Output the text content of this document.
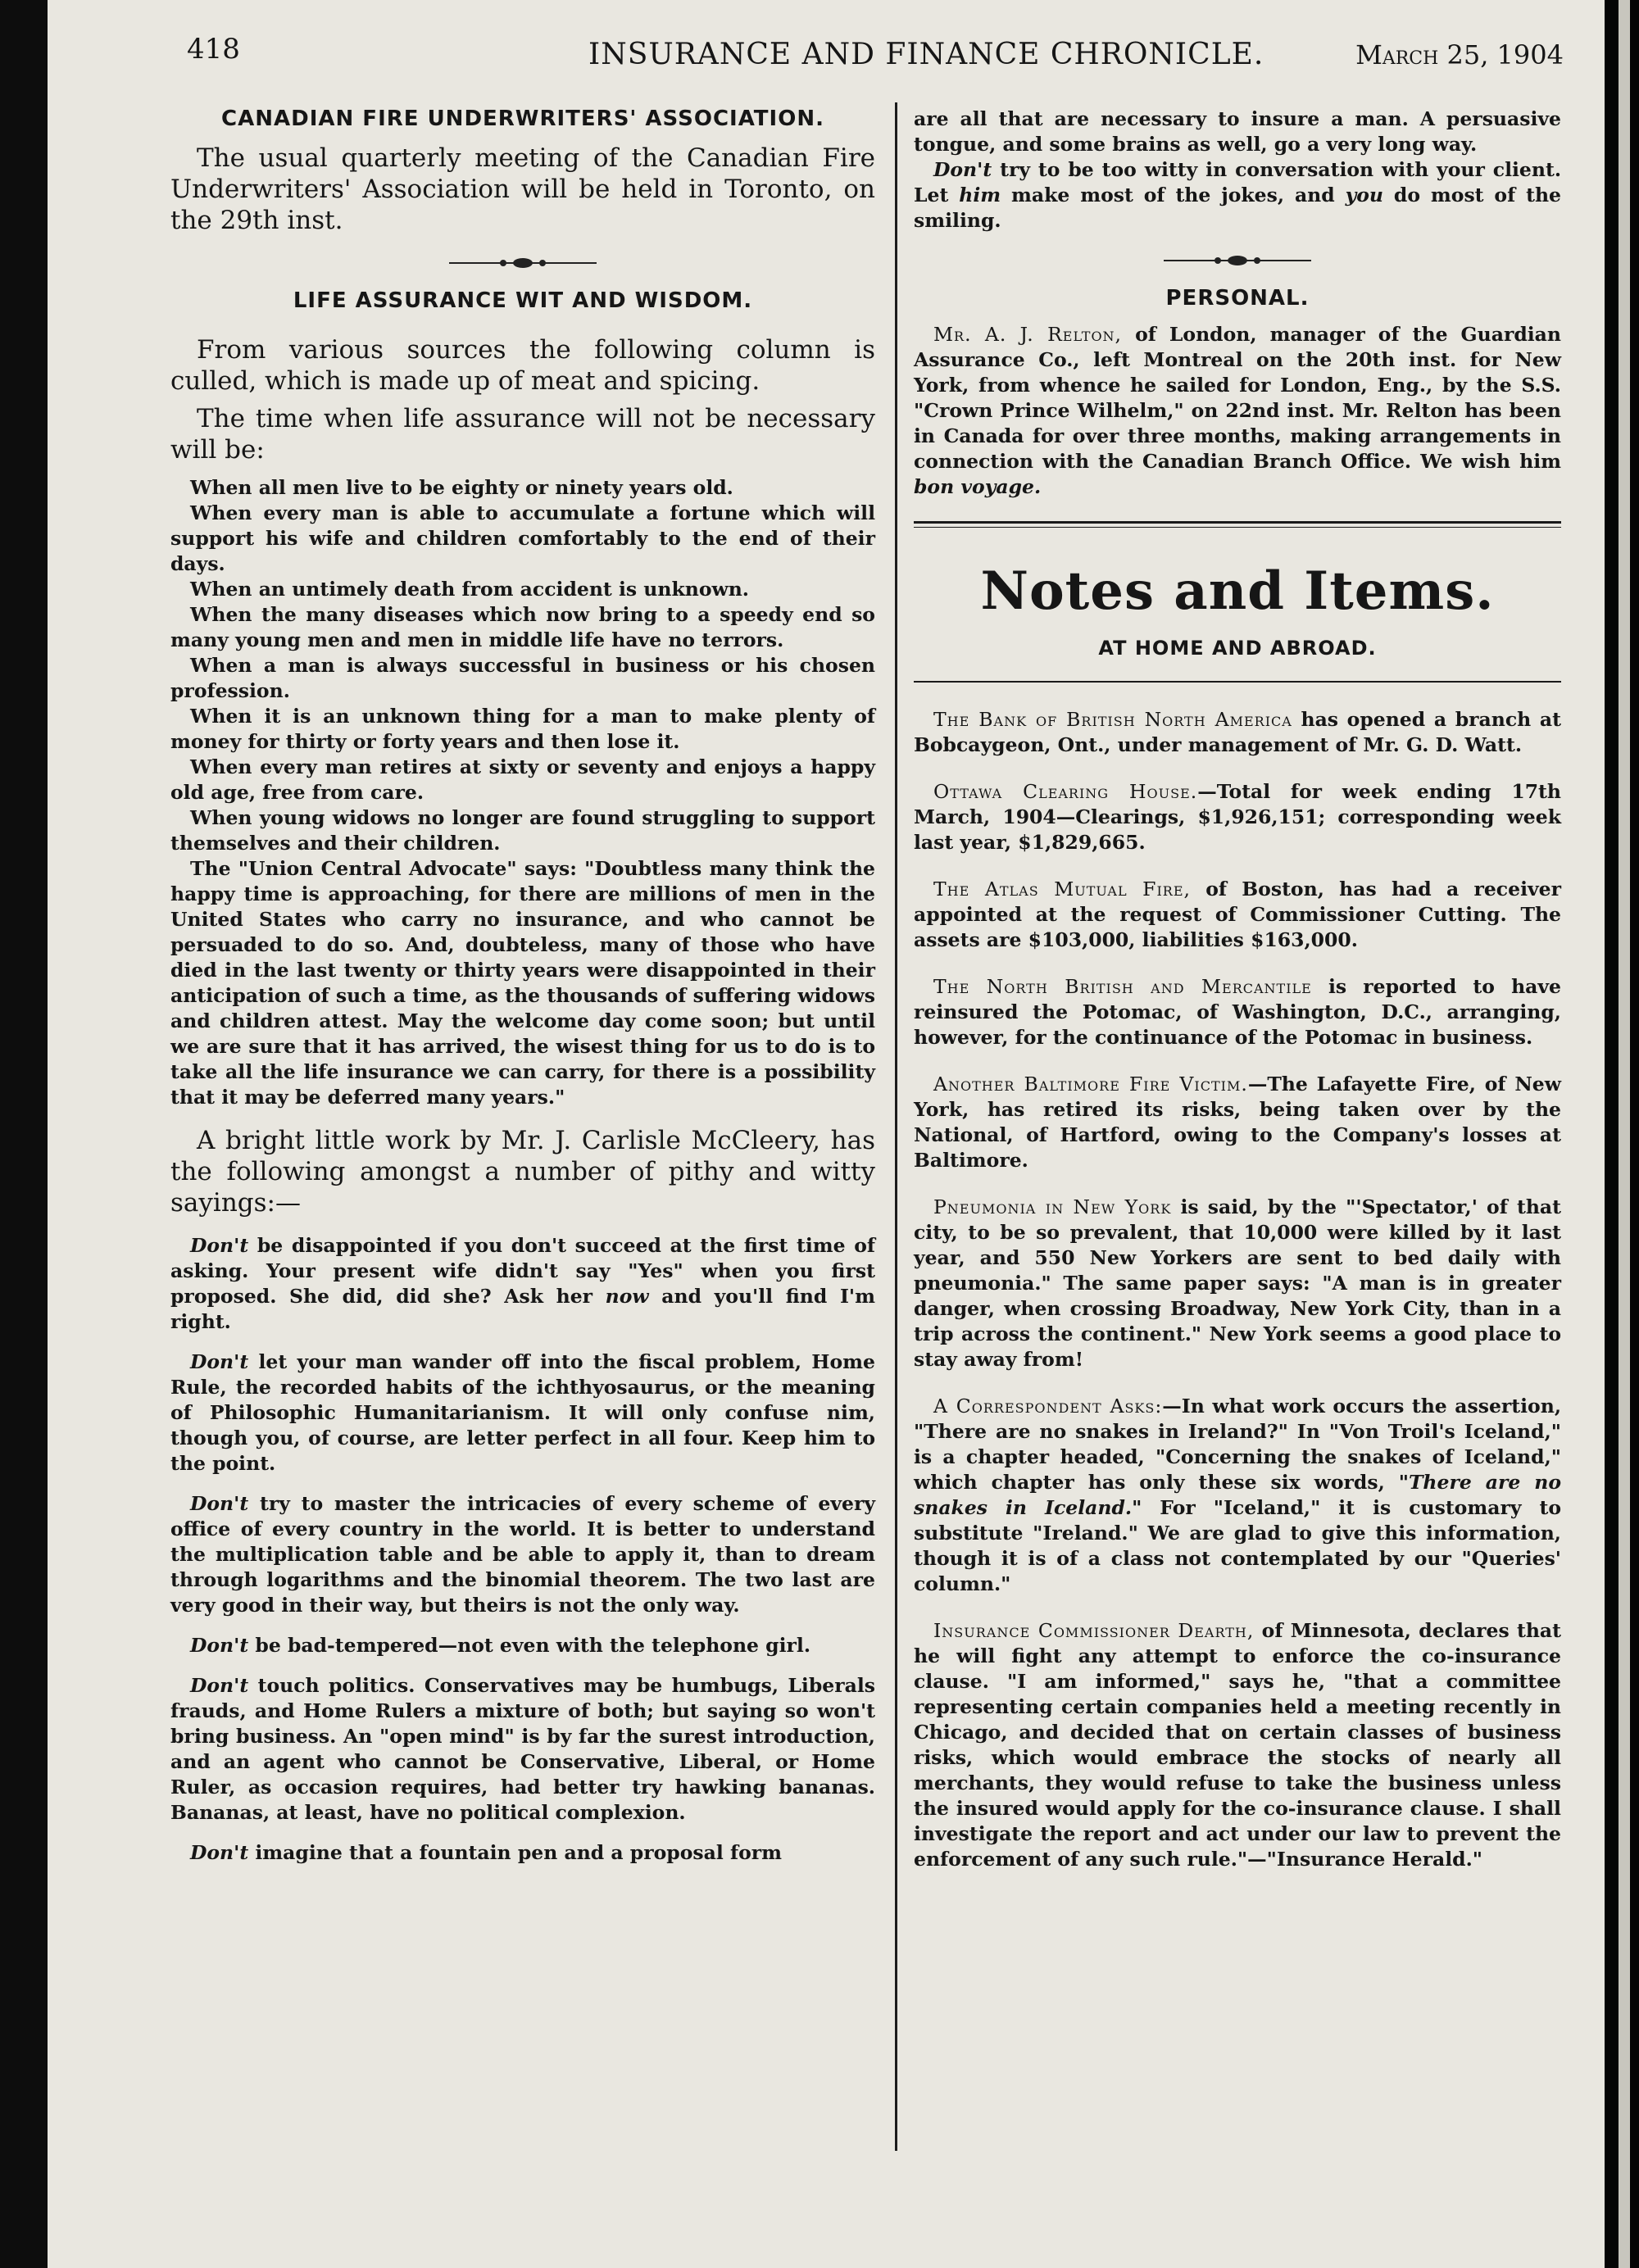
418	INSURANCE AND FINANCE CHRONICLE.	March 25, 1904
CANADIAN FIRE UNDERWRITERS' ASSOCIATION.

The usual quarterly meeting of the Canadian Fire Underwriters' Association will be held in Toronto, on the 29th inst.

LIFE ASSURANCE WIT AND WISDOM.

From various sources the following column is culled, which is made up of meat and spicing.

The time when life assurance will not be necessary will be:

When all men live to be eighty or ninety years old.

When every man is able to accumulate a fortune which will support his wife and children comfortably to the end of their days.

When an untimely death from accident is unknown.

When the many diseases which now bring to a speedy end so many young men and men in middle life have no terrors.

When a man is always successful in business or his chosen profession.

When it is an unknown thing for a man to make plenty of money for thirty or forty years and then lose it.

When every man retires at sixty or seventy and enjoys a happy old age, free from care.

When young widows no longer are found struggling to support themselves and their children.

The "Union Central Advocate" says: "Doubtless many think the happy time is approaching, for there are millions of men in the United States who carry no insurance, and who cannot be persuaded to do so. And, doubteless, many of those who have died in the last twenty or thirty years were disappointed in their anticipation of such a time, as the thousands of suffering widows and children attest. May the welcome day come soon; but until we are sure that it has arrived, the wisest thing for us to do is to take all the life insurance we can carry, for there is a possibility that it may be deferred many years."

A bright little work by Mr. J. Carlisle McCleery, has the following amongst a number of pithy and witty sayings:—

Don't be disappointed if you don't succeed at the first time of asking. Your present wife didn't say "Yes" when you first proposed. She did, did she? Ask her now and you'll find I'm right.

Don't let your man wander off into the fiscal problem, Home Rule, the recorded habits of the ichthyosaurus, or the meaning of Philosophic Humanitarianism. It will only confuse nim, though you, of course, are letter perfect in all four. Keep him to the point.

Don't try to master the intricacies of every scheme of every office of every country in the world. It is better to understand the multiplication table and be able to apply it, than to dream through logarithms and the binomial theorem. The two last are very good in their way, but theirs is not the only way.

Don't be bad-tempered—not even with the telephone girl.

Don't touch politics. Conservatives may be humbugs, Liberals frauds, and Home Rulers a mixture of both; but saying so won't bring business. An "open mind" is by far the surest introduction, and an agent who cannot be Conservative, Liberal, or Home Ruler, as occasion requires, had better try hawking bananas. Bananas, at least, have no political complexion.

Don't imagine that a fountain pen and a proposal form

are all that are necessary to insure a man. A persuasive tongue, and some brains as well, go a very long way.

Don't try to be too witty in conversation with your client. Let him make most of the jokes, and you do most of the smiling.

PERSONAL.

Mr. A. J. Relton, of London, manager of the Guardian Assurance Co., left Montreal on the 20th inst. for New York, from whence he sailed for London, Eng., by the S.S. "Crown Prince Wilhelm," on 22nd inst. Mr. Relton has been in Canada for over three months, making arrangements in connection with the Canadian Branch Office. We wish him bon voyage.

Notes and Items.

AT HOME AND ABROAD.

The Bank of British North America has opened a branch at Bobcaygeon, Ont., under management of Mr. G. D. Watt.

Ottawa Clearing House.—Total for week ending 17th March, 1904—Clearings, $1,926,151; corresponding week last year, $1,829,665.

The Atlas Mutual Fire, of Boston, has had a receiver appointed at the request of Commissioner Cutting. The assets are $103,000, liabilities $163,000.

The North British and Mercantile is reported to have reinsured the Potomac, of Washington, D.C., arranging, however, for the continuance of the Potomac in business.

Another Baltimore Fire Victim.—The Lafayette Fire, of New York, has retired its risks, being taken over by the National, of Hartford, owing to the Company's losses at Baltimore.

Pneumonia in New York is said, by the "'Spectator,' of that city, to be so prevalent, that 10,000 were killed by it last year, and 550 New Yorkers are sent to bed daily with pneumonia." The same paper says: "A man is in greater danger, when crossing Broadway, New York City, than in a trip across the continent." New York seems a good place to stay away from!

A Correspondent Asks:—In what work occurs the assertion, "There are no snakes in Ireland?" In "Von Troil's Iceland," is a chapter headed, "Concerning the snakes of Iceland," which chapter has only these six words, "There are no snakes in Iceland." For "Iceland," it is customary to substitute "Ireland." We are glad to give this information, though it is of a class not contemplated by our "Queries' column."

Insurance Commissioner Dearth, of Minnesota, declares that he will fight any attempt to enforce the co-insurance clause. "I am informed," says he, "that a committee representing certain companies held a meeting recently in Chicago, and decided that on certain classes of business risks, which would embrace the stocks of nearly all merchants, they would refuse to take the business unless the insured would apply for the co-insurance clause. I shall investigate the report and act under our law to prevent the enforcement of any such rule."—"Insurance Herald."
